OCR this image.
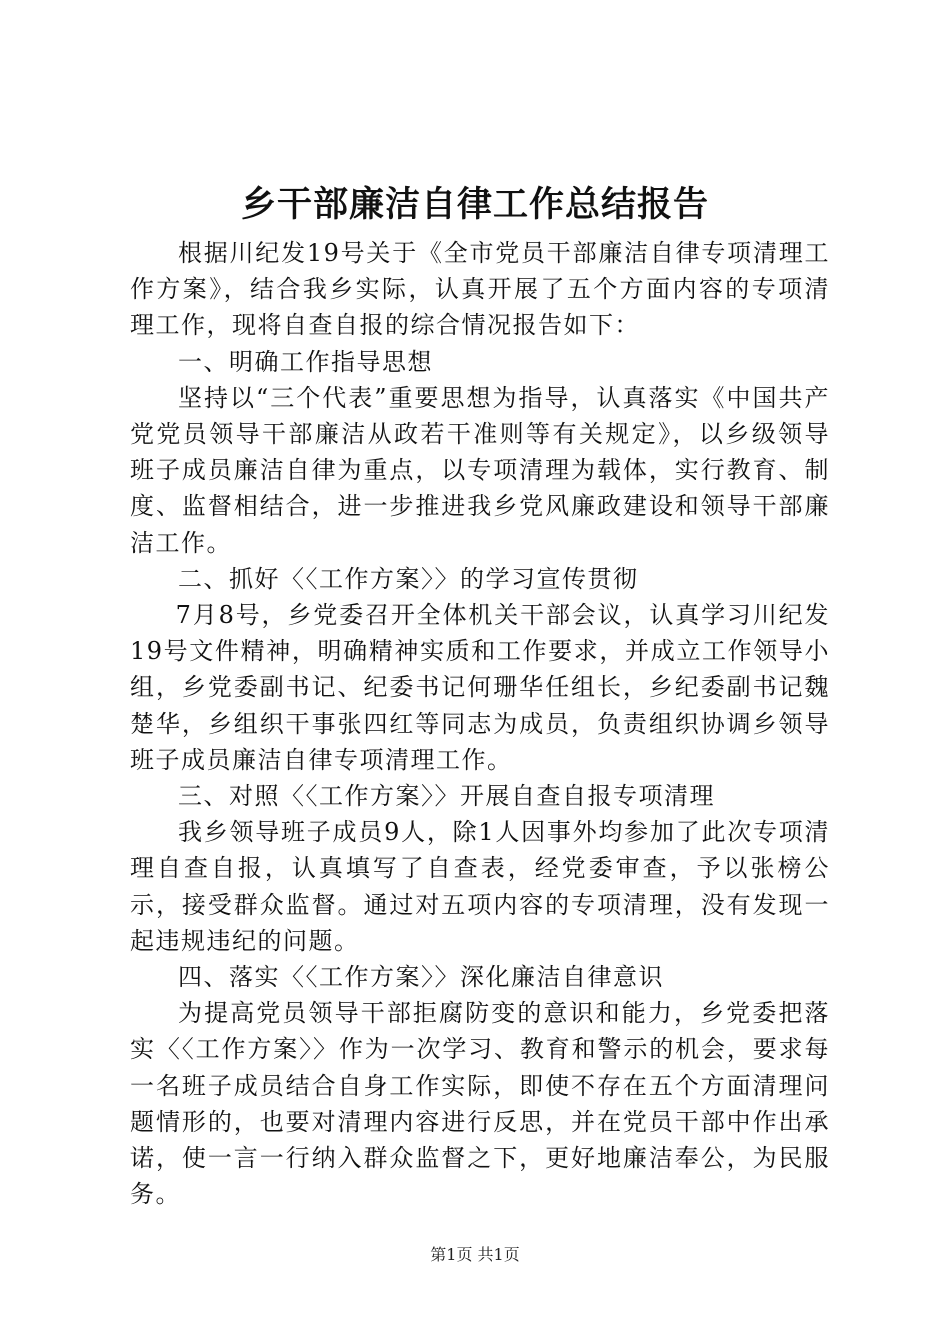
乡干部廉洁自律工作总结报告

根据川纪发19号关于《全市党员干部廉洁自律专项清理工作方案》，结合我乡实际，认真开展了五个方面内容的专项清理工作，现将自查自报的综合情况报告如下：

一、明确工作指导思想

坚持以“三个代表”重要思想为指导，认真落实《中国共产党党员领导干部廉洁从政若干准则等有关规定》，以乡级领导班子成员廉洁自律为重点，以专项清理为载体，实行教育、制度、监督相结合，进一步推进我乡党风廉政建设和领导干部廉洁工作。

二、抓好〈〈工作方案〉〉的学习宣传贯彻

7月8号，乡党委召开全体机关干部会议，认真学习川纪发19号文件精神，明确精神实质和工作要求，并成立工作领导小组，乡党委副书记、纪委书记何珊华任组长，乡纪委副书记魏楚华，乡组织干事张四红等同志为成员，负责组织协调乡领导班子成员廉洁自律专项清理工作。

三、对照〈〈工作方案〉〉开展自查自报专项清理

我乡领导班子成员9人，除1人因事外均参加了此次专项清理自查自报，认真填写了自查表，经党委审查，予以张榜公示，接受群众监督。通过对五项内容的专项清理，没有发现一起违规违纪的问题。

四、落实〈〈工作方案〉〉深化廉洁自律意识

为提高党员领导干部拒腐防变的意识和能力，乡党委把落实〈〈工作方案〉〉作为一次学习、教育和警示的机会，要求每一名班子成员结合自身工作实际，即使不存在五个方面清理问题情形的，也要对清理内容进行反思，并在党员干部中作出承诺，使一言一行纳入群众监督之下，更好地廉洁奉公，为民服务。

第1页 共1页
